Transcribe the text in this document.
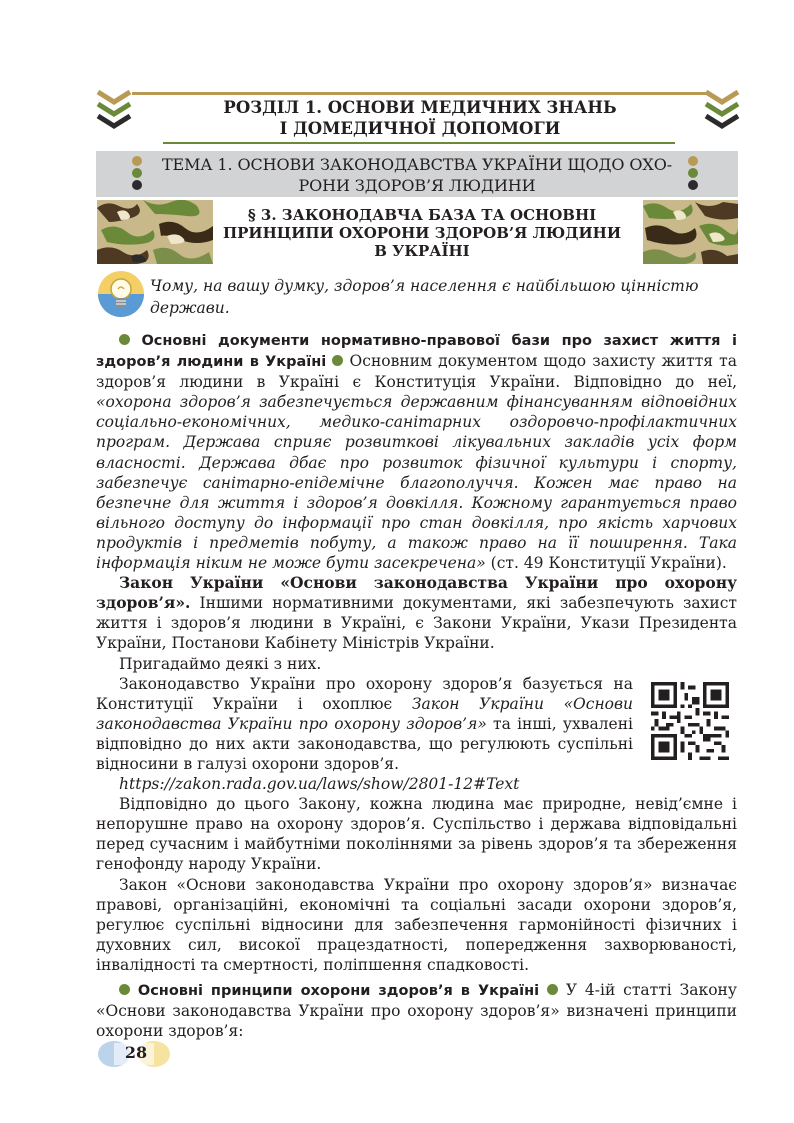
РОЗДІЛ 1. ОСНОВИ МЕДИЧНИХ ЗНАНЬ
І ДОМЕДИЧНОЇ ДОПОМОГИ
ТЕМА 1. ОСНОВИ ЗАКОНОДАВСТВА УКРАЇНИ ЩОДО ОХО-
РОНИ ЗДОРОВ’Я ЛЮДИНИ
§ 3. ЗАКОНОДАВЧА БАЗА ТА ОСНОВНІ
ПРИНЦИПИ ОХОРОНИ ЗДОРОВ’Я ЛЮДИНИ
В УКРАЇНІ
Чому, на вашу думку, здоров’я населення є найбільшою цінністю держави.

Основні документи нормативно-правової бази про захист життя і здоров’я людини в Україні  Основним документом щодо захисту життя та здоров’я людини в Україні є Конституція України. Відповідно до неї, «охорона здоров’я забезпечується державним фінансуванням відповідних соціально-економічних, медико-санітарних оздоровчо-профілактичних програм. Держава сприяє розвиткові лікувальних закладів усіх форм власності. Держава дбає про розвиток фізичної культури і спорту, забезпечує санітарно-епідемічне благополуччя. Кожен має право на безпечне для життя і здоров’я довкілля. Кожному гарантується право вільного доступу до інформації про стан довкілля, про якість харчових продуктів і предметів побуту, а також право на її поширення. Така інформація ніким не може бути засекречена» (ст. 49 Конституції України).

Закон України «Основи законодавства України про охорону здоров’я». Іншими нормативними документами, які забезпечують захист життя і здоров’я людини в Україні, є Закони України, Укази Президента України, Постанови Кабінету Міністрів України.

Пригадаймо деякі з них.

Законодавство України про охорону здоров’я базується на Конституції України і охоплює Закон України «Основи законодавства України про охорону здоров’я» та інші, ухвалені відповідно до них акти законодавства, що регулюють суспільні відносини в галузі охорони здоров’я.

https://zakon.rada.gov.ua/laws/show/2801-12#Text

Відповідно до цього Закону, кожна людина має природне, невід’ємне і непорушне право на охорону здоров’я. Суспільство і держава відповідальні перед сучасним і майбутніми поколіннями за рівень здоров’я та збереження генофонду народу України.

Закон «Основи законодавства України про охорону здоров’я» визначає правові, організаційні, економічні та соціальні засади охорони здоров’я, регулює суспільні відносини для забезпечення гармонійності фізичних і духовних сил, високої працездатності, попередження захворюваності, інвалідності та смертності, поліпшення спадковості.

Основні принципи охорони здоров’я в Україні  У 4-ій статті Закону «Основи законодавства України про охорону здоров’я» визначені принципи охорони здоров’я:

28
